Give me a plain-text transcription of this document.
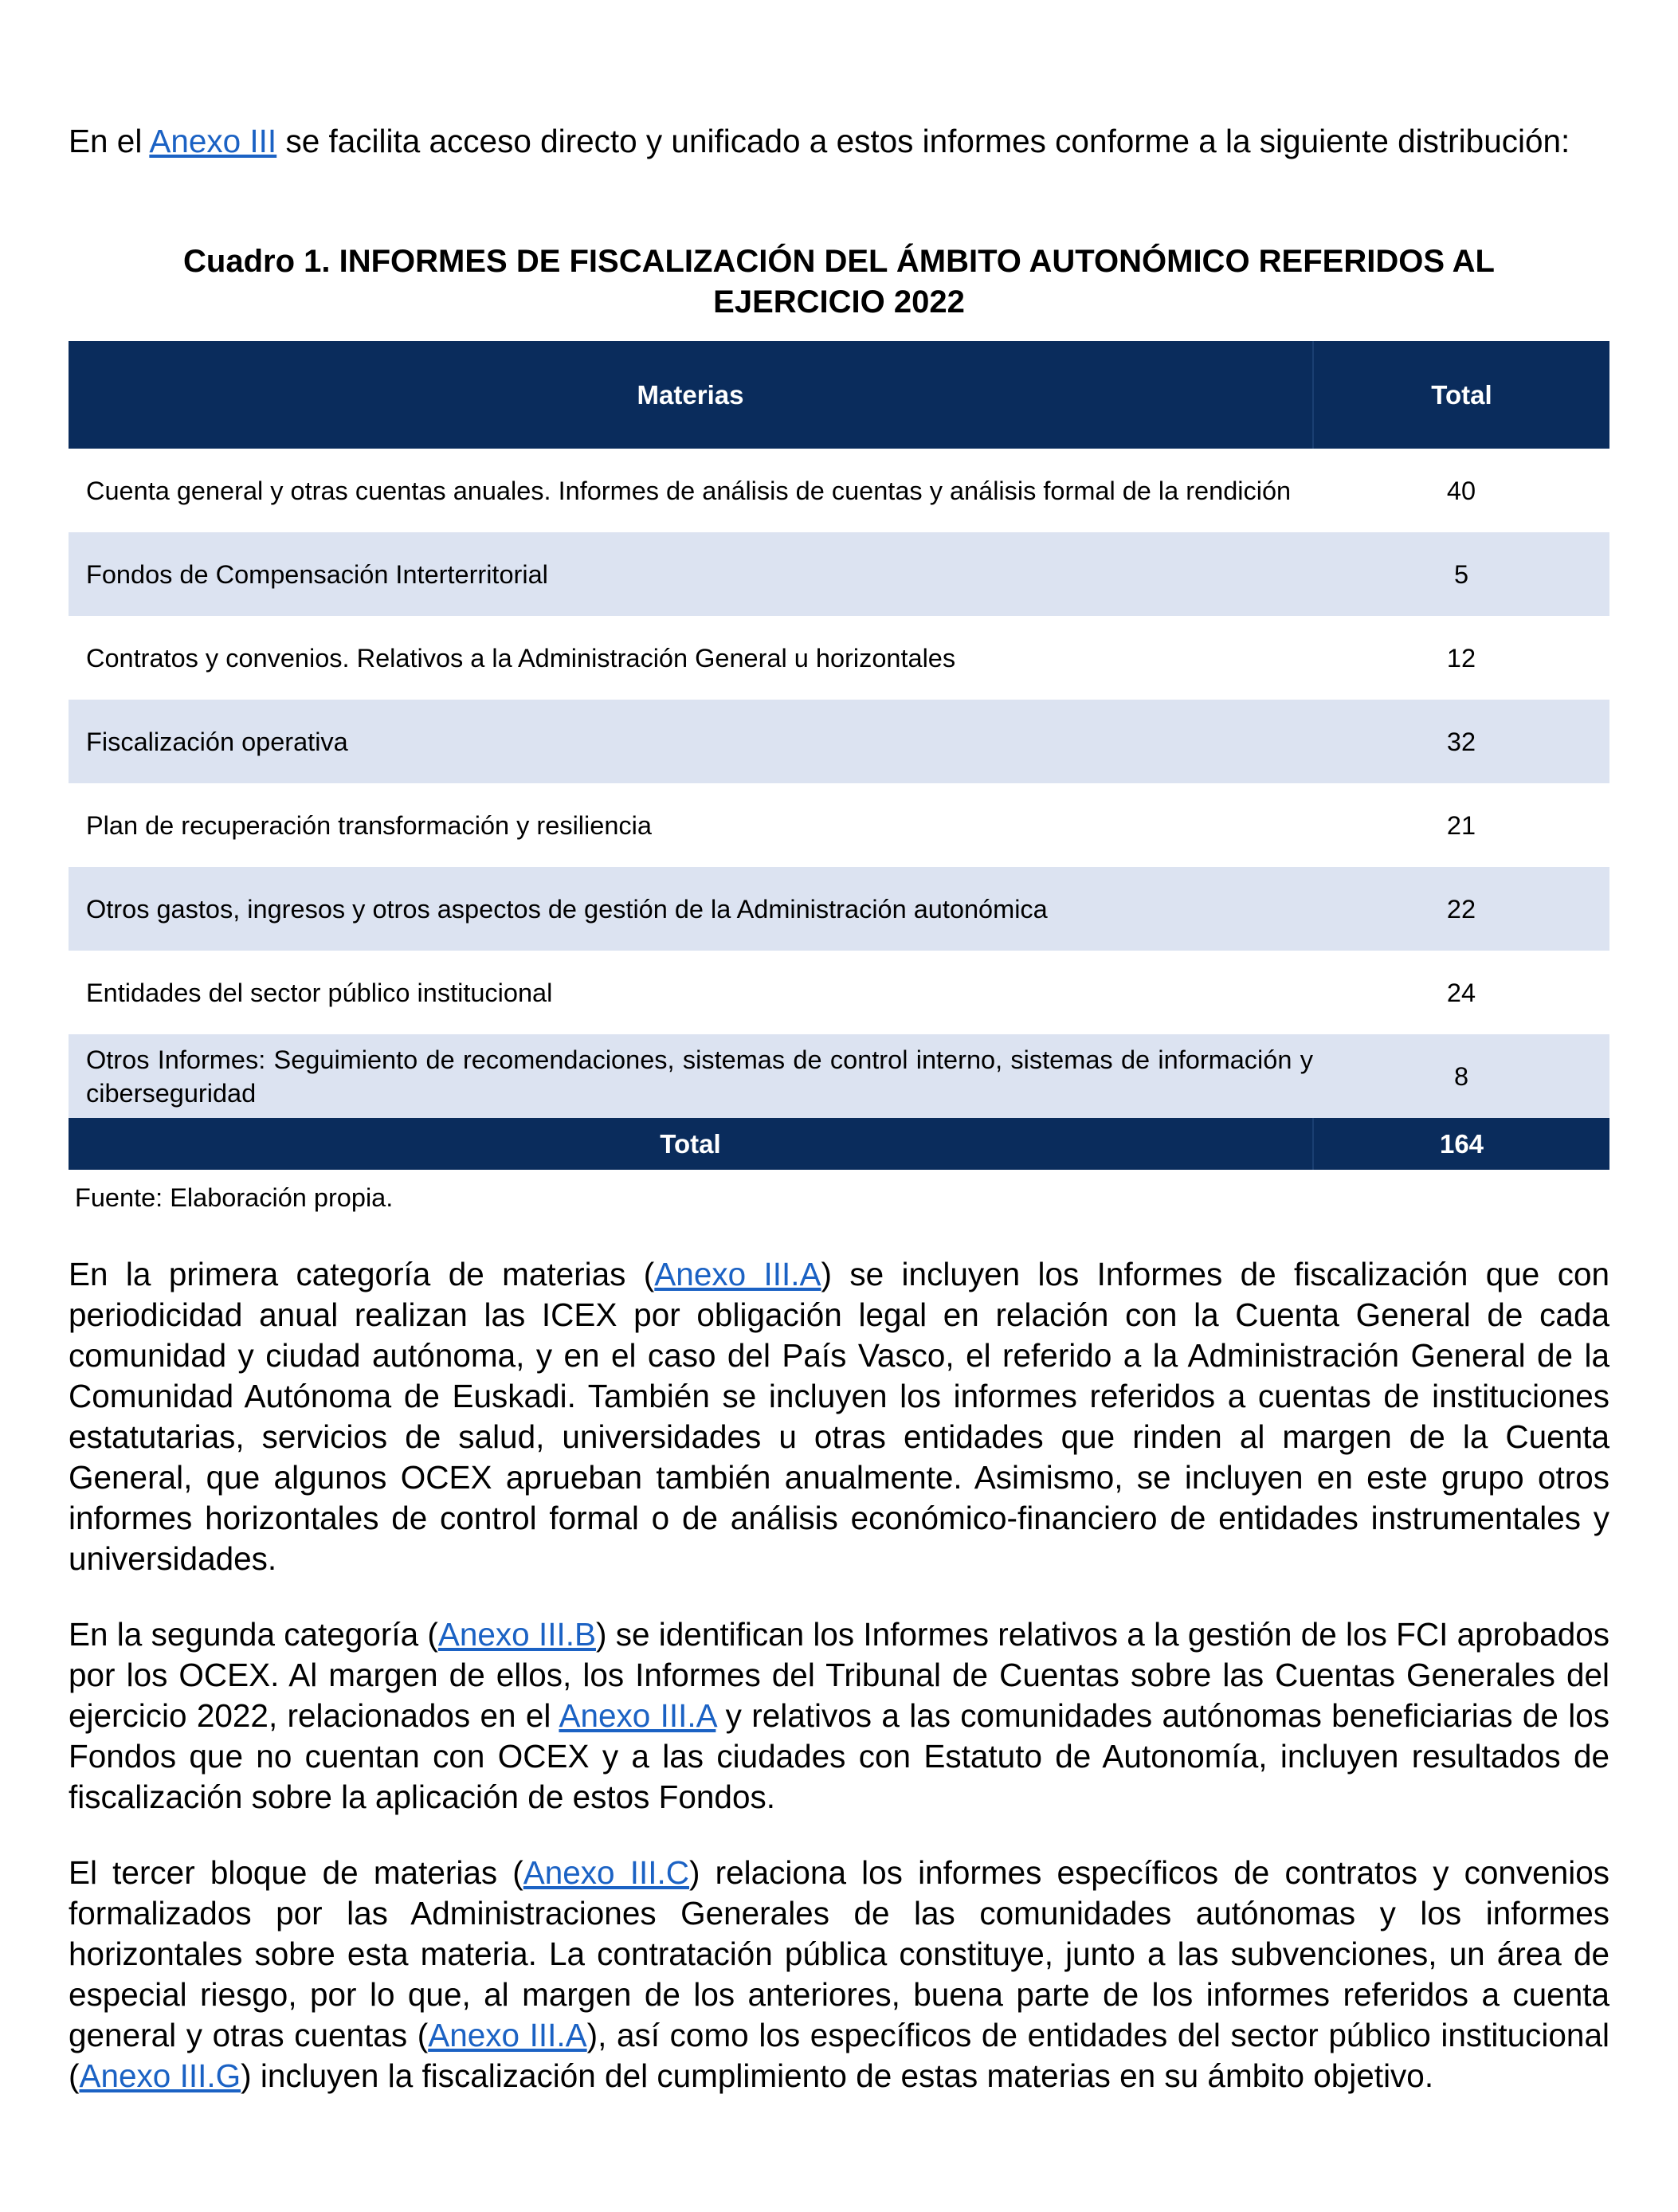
En el Anexo III se facilita acceso directo y unificado a estos informes conforme a la siguiente distribución:

Cuadro 1. INFORMES DE FISCALIZACIÓN DEL ÁMBITO AUTONÓMICO REFERIDOS AL
EJERCICIO 2022
Materias	Total
Cuenta general y otras cuentas anuales. Informes de análisis de cuentas y análisis formal de la rendición	40
Fondos de Compensación Interterritorial	5
Contratos y convenios. Relativos a la Administración General u horizontales	12
Fiscalización operativa	32
Plan de recuperación transformación y resiliencia	21
Otros gastos, ingresos y otros aspectos de gestión de la Administración autonómica	22
Entidades del sector público institucional	24
Otros Informes: Seguimiento de recomendaciones, sistemas de control interno, sistemas de información y ciberseguridad	8
Total	164
Fuente: Elaboración propia.

En la primera categoría de materias (Anexo III.A) se incluyen los Informes de fiscalización que con periodicidad anual realizan las ICEX por obligación legal en relación con la Cuenta General de cada comunidad y ciudad autónoma, y en el caso del País Vasco, el referido a la Administración General de la Comunidad Autónoma de Euskadi. También se incluyen los informes referidos a cuentas de instituciones estatutarias, servicios de salud, universidades u otras entidades que rinden al margen de la Cuenta General, que algunos OCEX aprueban también anualmente. Asimismo, se incluyen en este grupo otros informes horizontales de control formal o de análisis económico-financiero de entidades instrumentales y universidades.

En la segunda categoría (Anexo III.B) se identifican los Informes relativos a la gestión de los FCI aprobados por los OCEX. Al margen de ellos, los Informes del Tribunal de Cuentas sobre las Cuentas Generales del ejercicio 2022, relacionados en el Anexo III.A y relativos a las comunidades autónomas beneficiarias de los Fondos que no cuentan con OCEX y a las ciudades con Estatuto de Autonomía, incluyen resultados de fiscalización sobre la aplicación de estos Fondos.

El tercer bloque de materias (Anexo III.C) relaciona los informes específicos de contratos y convenios formalizados por las Administraciones Generales de las comunidades autónomas y los informes horizontales sobre esta materia. La contratación pública constituye, junto a las subvenciones, un área de especial riesgo, por lo que, al margen de los anteriores, buena parte de los informes referidos a cuenta general y otras cuentas (Anexo III.A), así como los específicos de entidades del sector público institucional (Anexo III.G) incluyen la fiscalización del cumplimiento de estas materias en su ámbito objetivo.
